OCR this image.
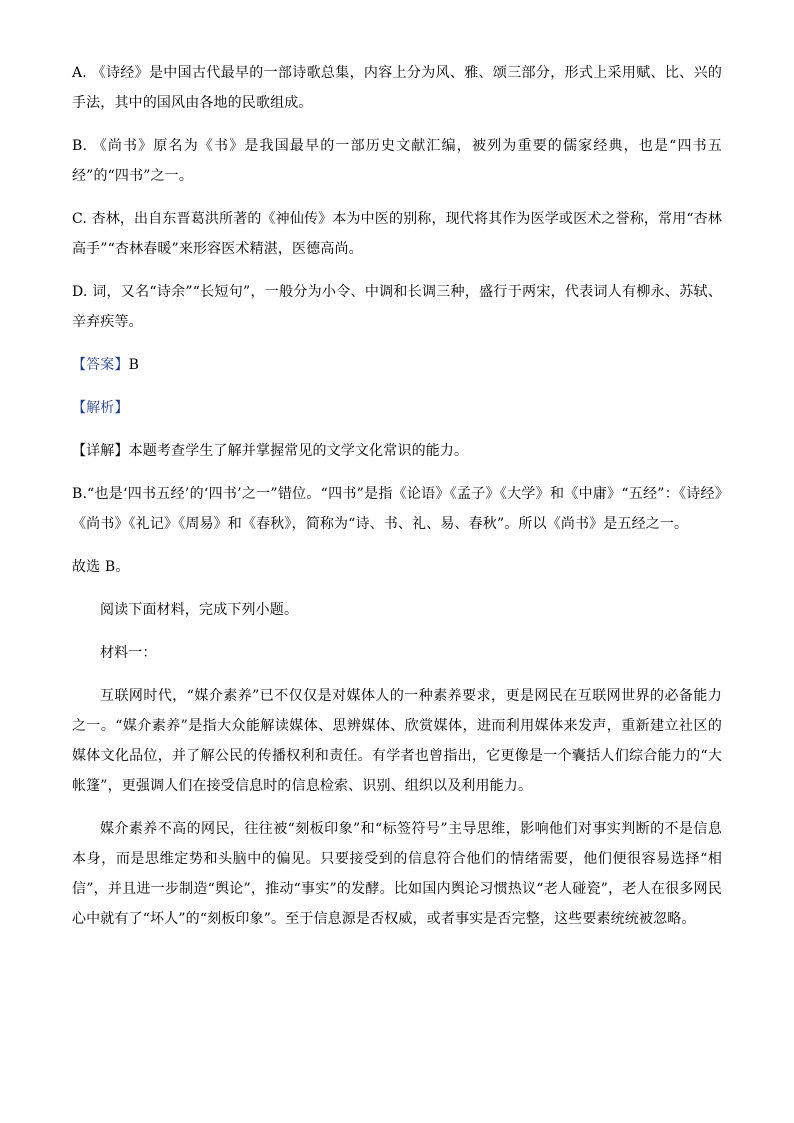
A. 《诗经》是中国古代最早的一部诗歌总集，内容上分为风、雅、颂三部分，形式上采用赋、比、兴的手法，其中的国风由各地的民歌组成。

B. 《尚书》原名为《书》是我国最早的一部历史文献汇编，被列为重要的儒家经典，也是“四书五经”的“四书”之一。

C. 杏林，出自东晋葛洪所著的《神仙传》本为中医的别称，现代将其作为医学或医术之誉称，常用“杏林高手”“杏林春暖”来形容医术精湛，医德高尚。

D. 词，又名“诗余”“长短句”，一般分为小令、中调和长调三种，盛行于两宋，代表词人有柳永、苏轼、辛弃疾等。

【答案】B

【解析】

【详解】本题考查学生了解并掌握常见的文学文化常识的能力。

B.“也是‘四书五经’的‘四书’之一”错位。“四书”是指《论语》《孟子》《大学》和《中庸》“五经”：《诗经》《尚书》《礼记》《周易》和《春秋》，简称为“诗、书、礼、易、春秋”。所以《尚书》是五经之一。

故选 B。

阅读下面材料，完成下列小题。

材料一：

互联网时代，“媒介素养”已不仅仅是对媒体人的一种素养要求，更是网民在互联网世界的必备能力之一。“媒介素养”是指大众能解读媒体、思辨媒体、欣赏媒体，进而利用媒体来发声，重新建立社区的媒体文化品位，并了解公民的传播权利和责任。有学者也曾指出，它更像是一个囊括人们综合能力的“大帐篷”，更强调人们在接受信息时的信息检索、识别、组织以及利用能力。

媒介素养不高的网民，往往被“刻板印象”和“标签符号”主导思维，影响他们对事实判断的不是信息本身，而是思维定势和头脑中的偏见。只要接受到的信息符合他们的情绪需要，他们便很容易选择“相信”，并且进一步制造“舆论”，推动“事实”的发酵。比如国内舆论习惯热议“老人碰瓷”，老人在很多网民心中就有了“坏人”的“刻板印象”。至于信息源是否权威，或者事实是否完整，这些要素统统被忽略。
